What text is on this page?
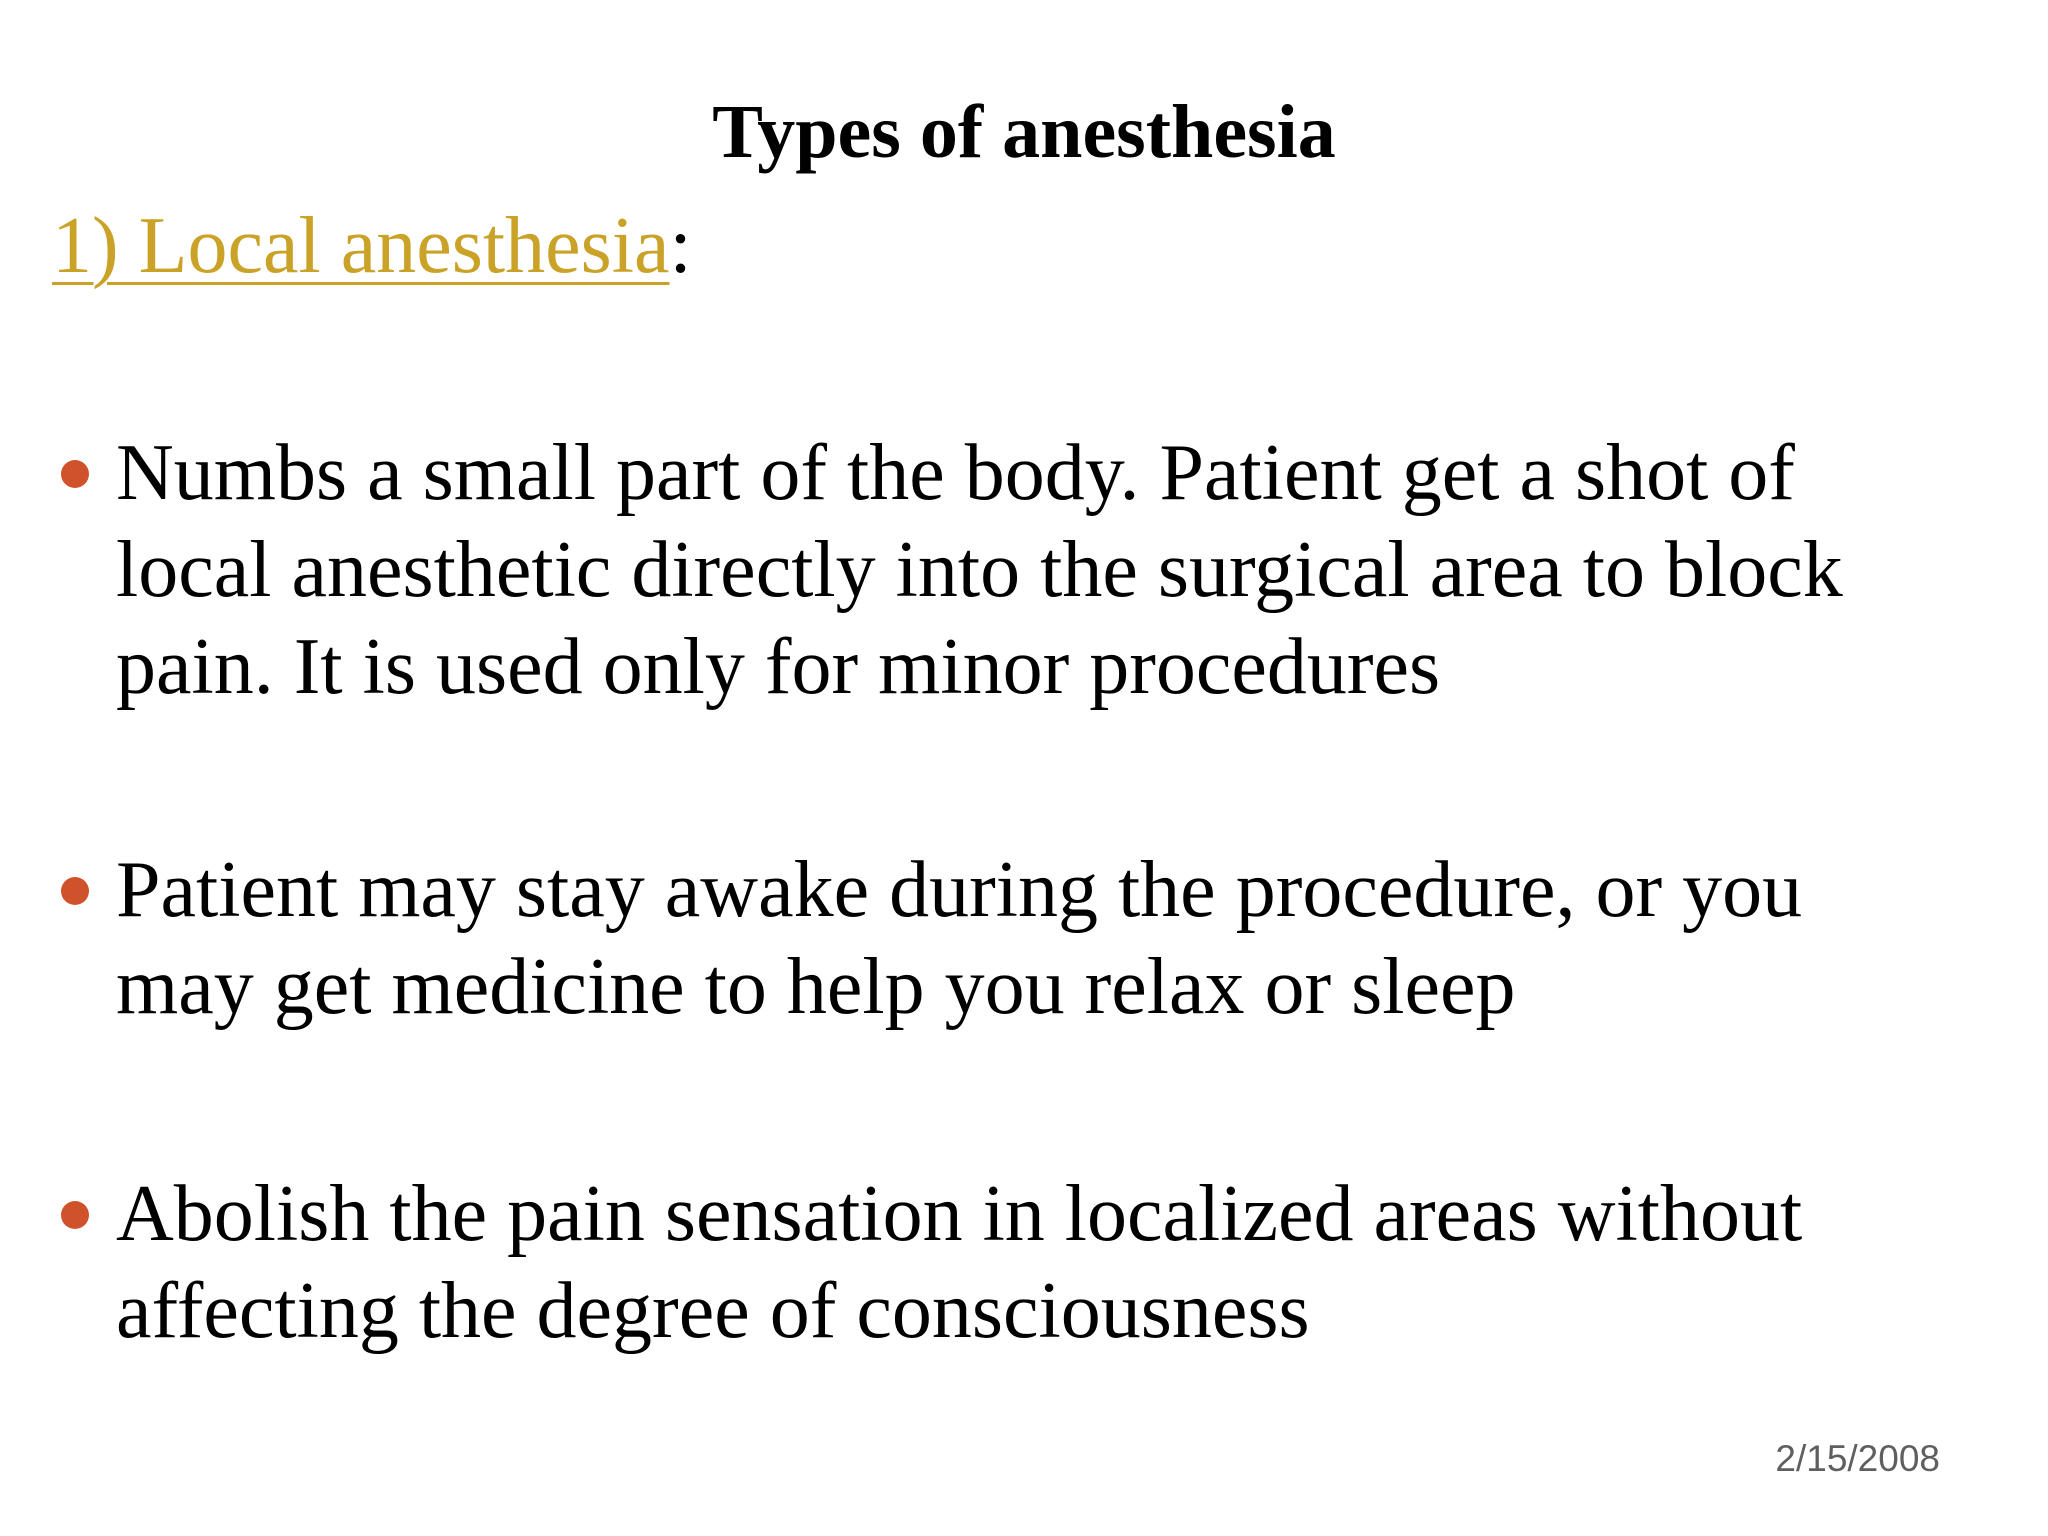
Types of anesthesia
1) Local anesthesia:
Numbs a small part of the body. Patient get a shot of local anesthetic directly into the surgical area to block pain. It is used only for minor procedures
Patient may stay awake during the procedure, or you may get medicine to help you relax or sleep
Abolish the pain sensation in localized areas without affecting the degree of consciousness
2/15/2008
